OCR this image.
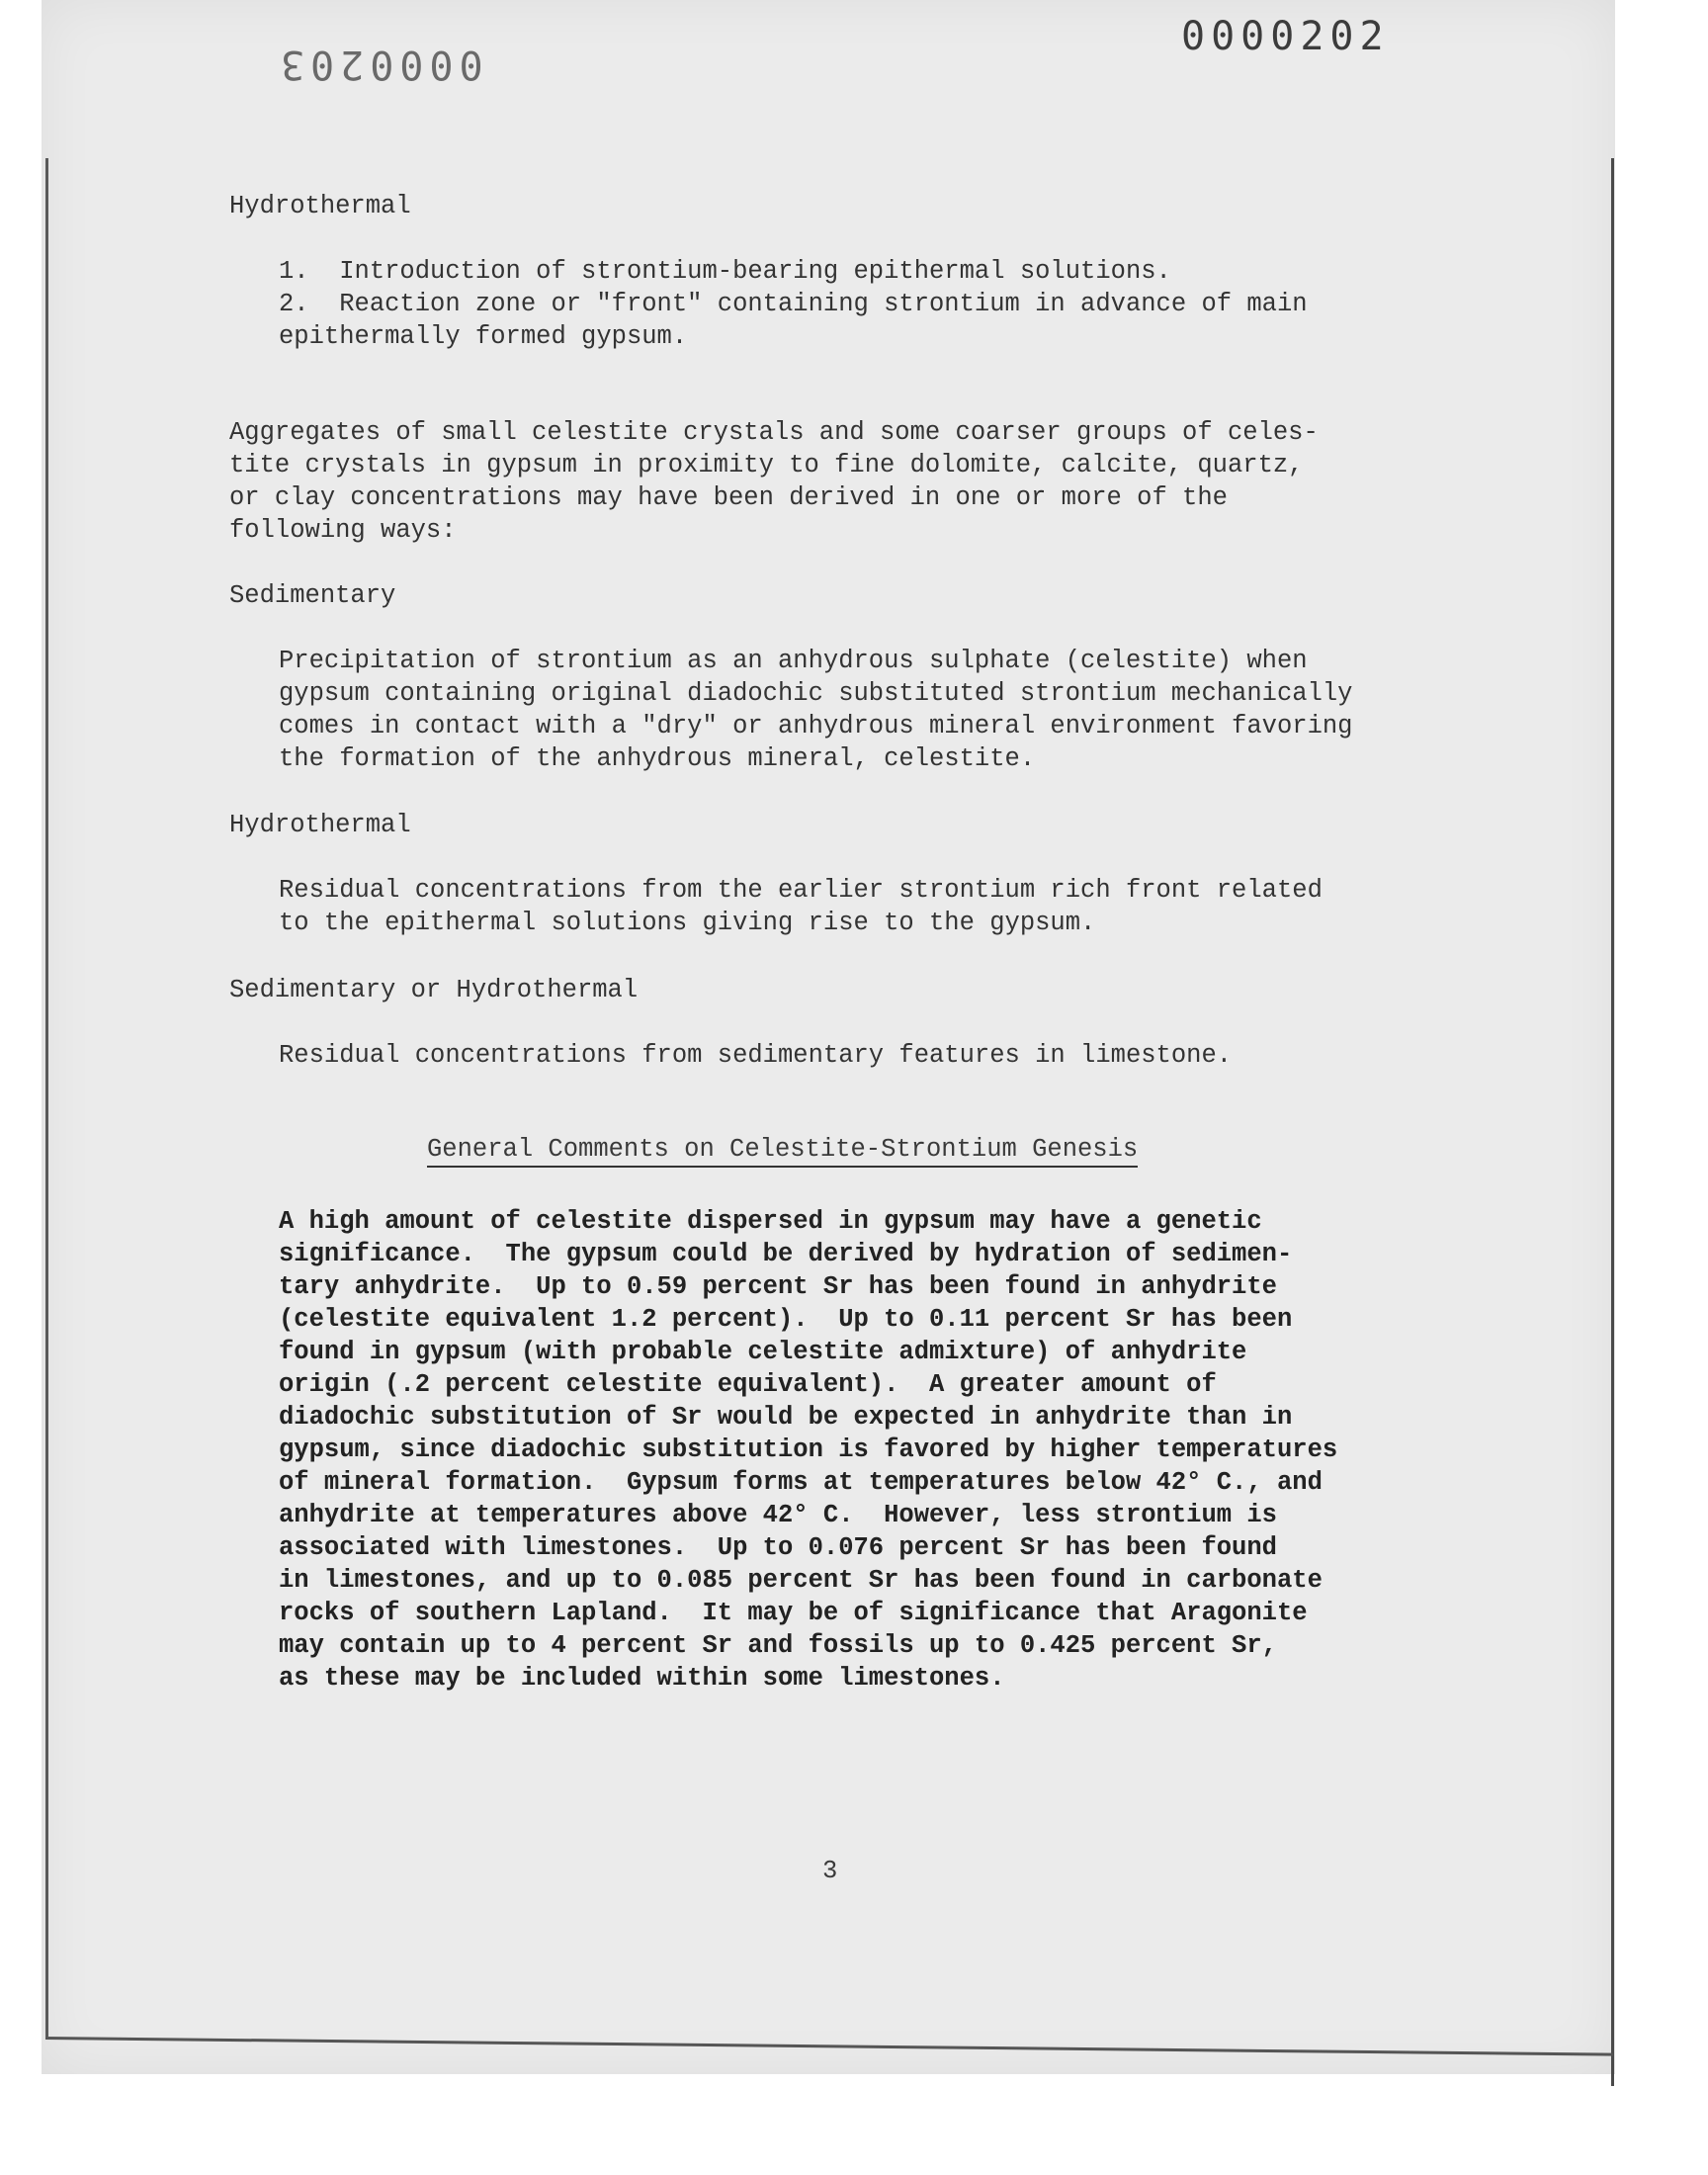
0000202
0000203
Hydrothermal
1.  Introduction of strontium-bearing epithermal solutions.
2.  Reaction zone or "front" containing strontium in advance of main
epithermally formed gypsum.
Aggregates of small celestite crystals and some coarser groups of celes-
tite crystals in gypsum in proximity to fine dolomite, calcite, quartz,
or clay concentrations may have been derived in one or more of the
following ways:
Sedimentary
Precipitation of strontium as an anhydrous sulphate (celestite) when
gypsum containing original diadochic substituted strontium mechanically
comes in contact with a "dry" or anhydrous mineral environment favoring
the formation of the anhydrous mineral, celestite.
Hydrothermal
Residual concentrations from the earlier strontium rich front related
to the epithermal solutions giving rise to the gypsum.
Sedimentary or Hydrothermal
Residual concentrations from sedimentary features in limestone.
General Comments on Celestite-Strontium Genesis
A high amount of celestite dispersed in gypsum may have a genetic
significance.  The gypsum could be derived by hydration of sedimen-
tary anhydrite.  Up to 0.59 percent Sr has been found in anhydrite
(celestite equivalent 1.2 percent).  Up to 0.11 percent Sr has been
found in gypsum (with probable celestite admixture) of anhydrite
origin (.2 percent celestite equivalent).  A greater amount of
diadochic substitution of Sr would be expected in anhydrite than in
gypsum, since diadochic substitution is favored by higher temperatures
of mineral formation.  Gypsum forms at temperatures below 42° C., and
anhydrite at temperatures above 42° C.  However, less strontium is
associated with limestones.  Up to 0.076 percent Sr has been found
in limestones, and up to 0.085 percent Sr has been found in carbonate
rocks of southern Lapland.  It may be of significance that Aragonite
may contain up to 4 percent Sr and fossils up to 0.425 percent Sr,
as these may be included within some limestones.
3
